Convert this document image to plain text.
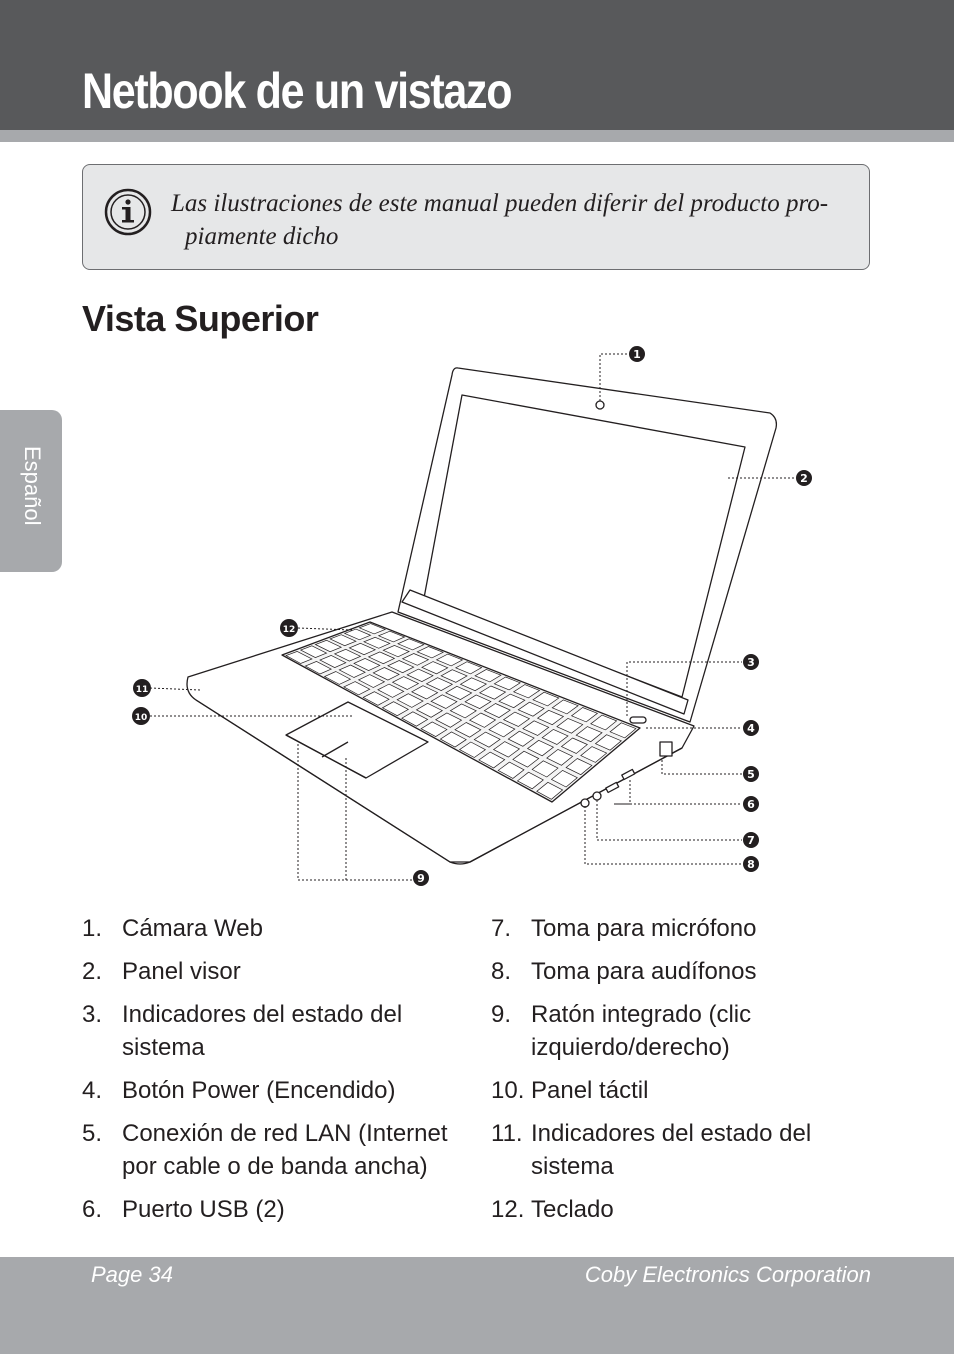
Netbook de un vistazo
Español
Las ilustraciones de este manual pueden diferir del producto pro-
piamente dicho
Vista Superior
1
2
3
4
5
6
7
8
9
10
11
12
1. Cámara Web
2. Panel visor
3. Indicadores del estado del sistema
4. Botón Power (Encendido)
5. Conexión de red LAN (Internet por cable o de banda ancha)
6. Puerto USB (2)
7. Toma para micrófono
8. Toma para audífonos
9. Ratón integrado (clic izquierdo/derecho)
10. Panel táctil
11. Indicadores del estado del sistema
12. Teclado
Page 34	Coby Electronics Corporation
